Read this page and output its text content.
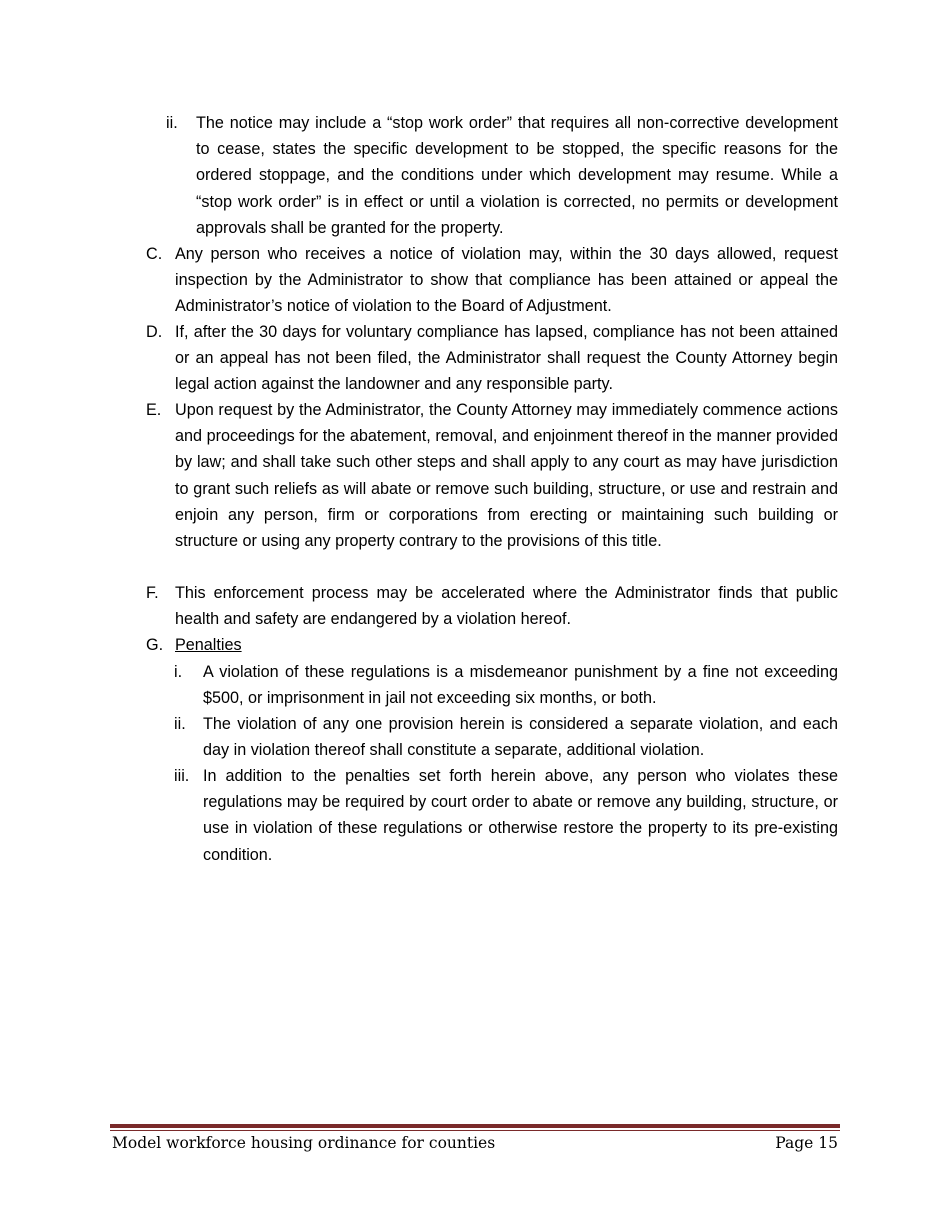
ii.	The notice may include a “stop work order” that requires all non-corrective development to cease, states the specific development to be stopped, the specific reasons for the ordered stoppage, and the conditions under which development may resume. While a “stop work order” is in effect or until a violation is corrected, no permits or development approvals shall be granted for the property.
C. Any person who receives a notice of violation may, within the 30 days allowed, request inspection by the Administrator to show that compliance has been attained or appeal the Administrator’s notice of violation to the Board of Adjustment.
D. If, after the 30 days for voluntary compliance has lapsed, compliance has not been attained or an appeal has not been filed, the Administrator shall request the County Attorney begin legal action against the landowner and any responsible party.
E. Upon request by the Administrator, the County Attorney may immediately commence actions and proceedings for the abatement, removal, and enjoinment thereof in the manner provided by law; and shall take such other steps and shall apply to any court as may have jurisdiction to grant such reliefs as will abate or remove such building, structure, or use and restrain and enjoin any person, firm or corporations from erecting or maintaining such building or structure or using any property contrary to the provisions of this title.
F.	This enforcement process may be accelerated where the Administrator finds that public health and safety are endangered by a violation hereof.
G. Penalties
i.	A violation of these regulations is a misdemeanor punishment by a fine not exceeding $500, or imprisonment in jail not exceeding six months, or both.
ii.	The violation of any one provision herein is considered a separate violation, and each day in violation thereof shall constitute a separate, additional violation.
iii. In addition to the penalties set forth herein above, any person who violates these regulations may be required by court order to abate or remove any building, structure, or use in violation of these regulations or otherwise restore the property to its pre-existing condition.
Model workforce housing ordinance for counties	Page 15
